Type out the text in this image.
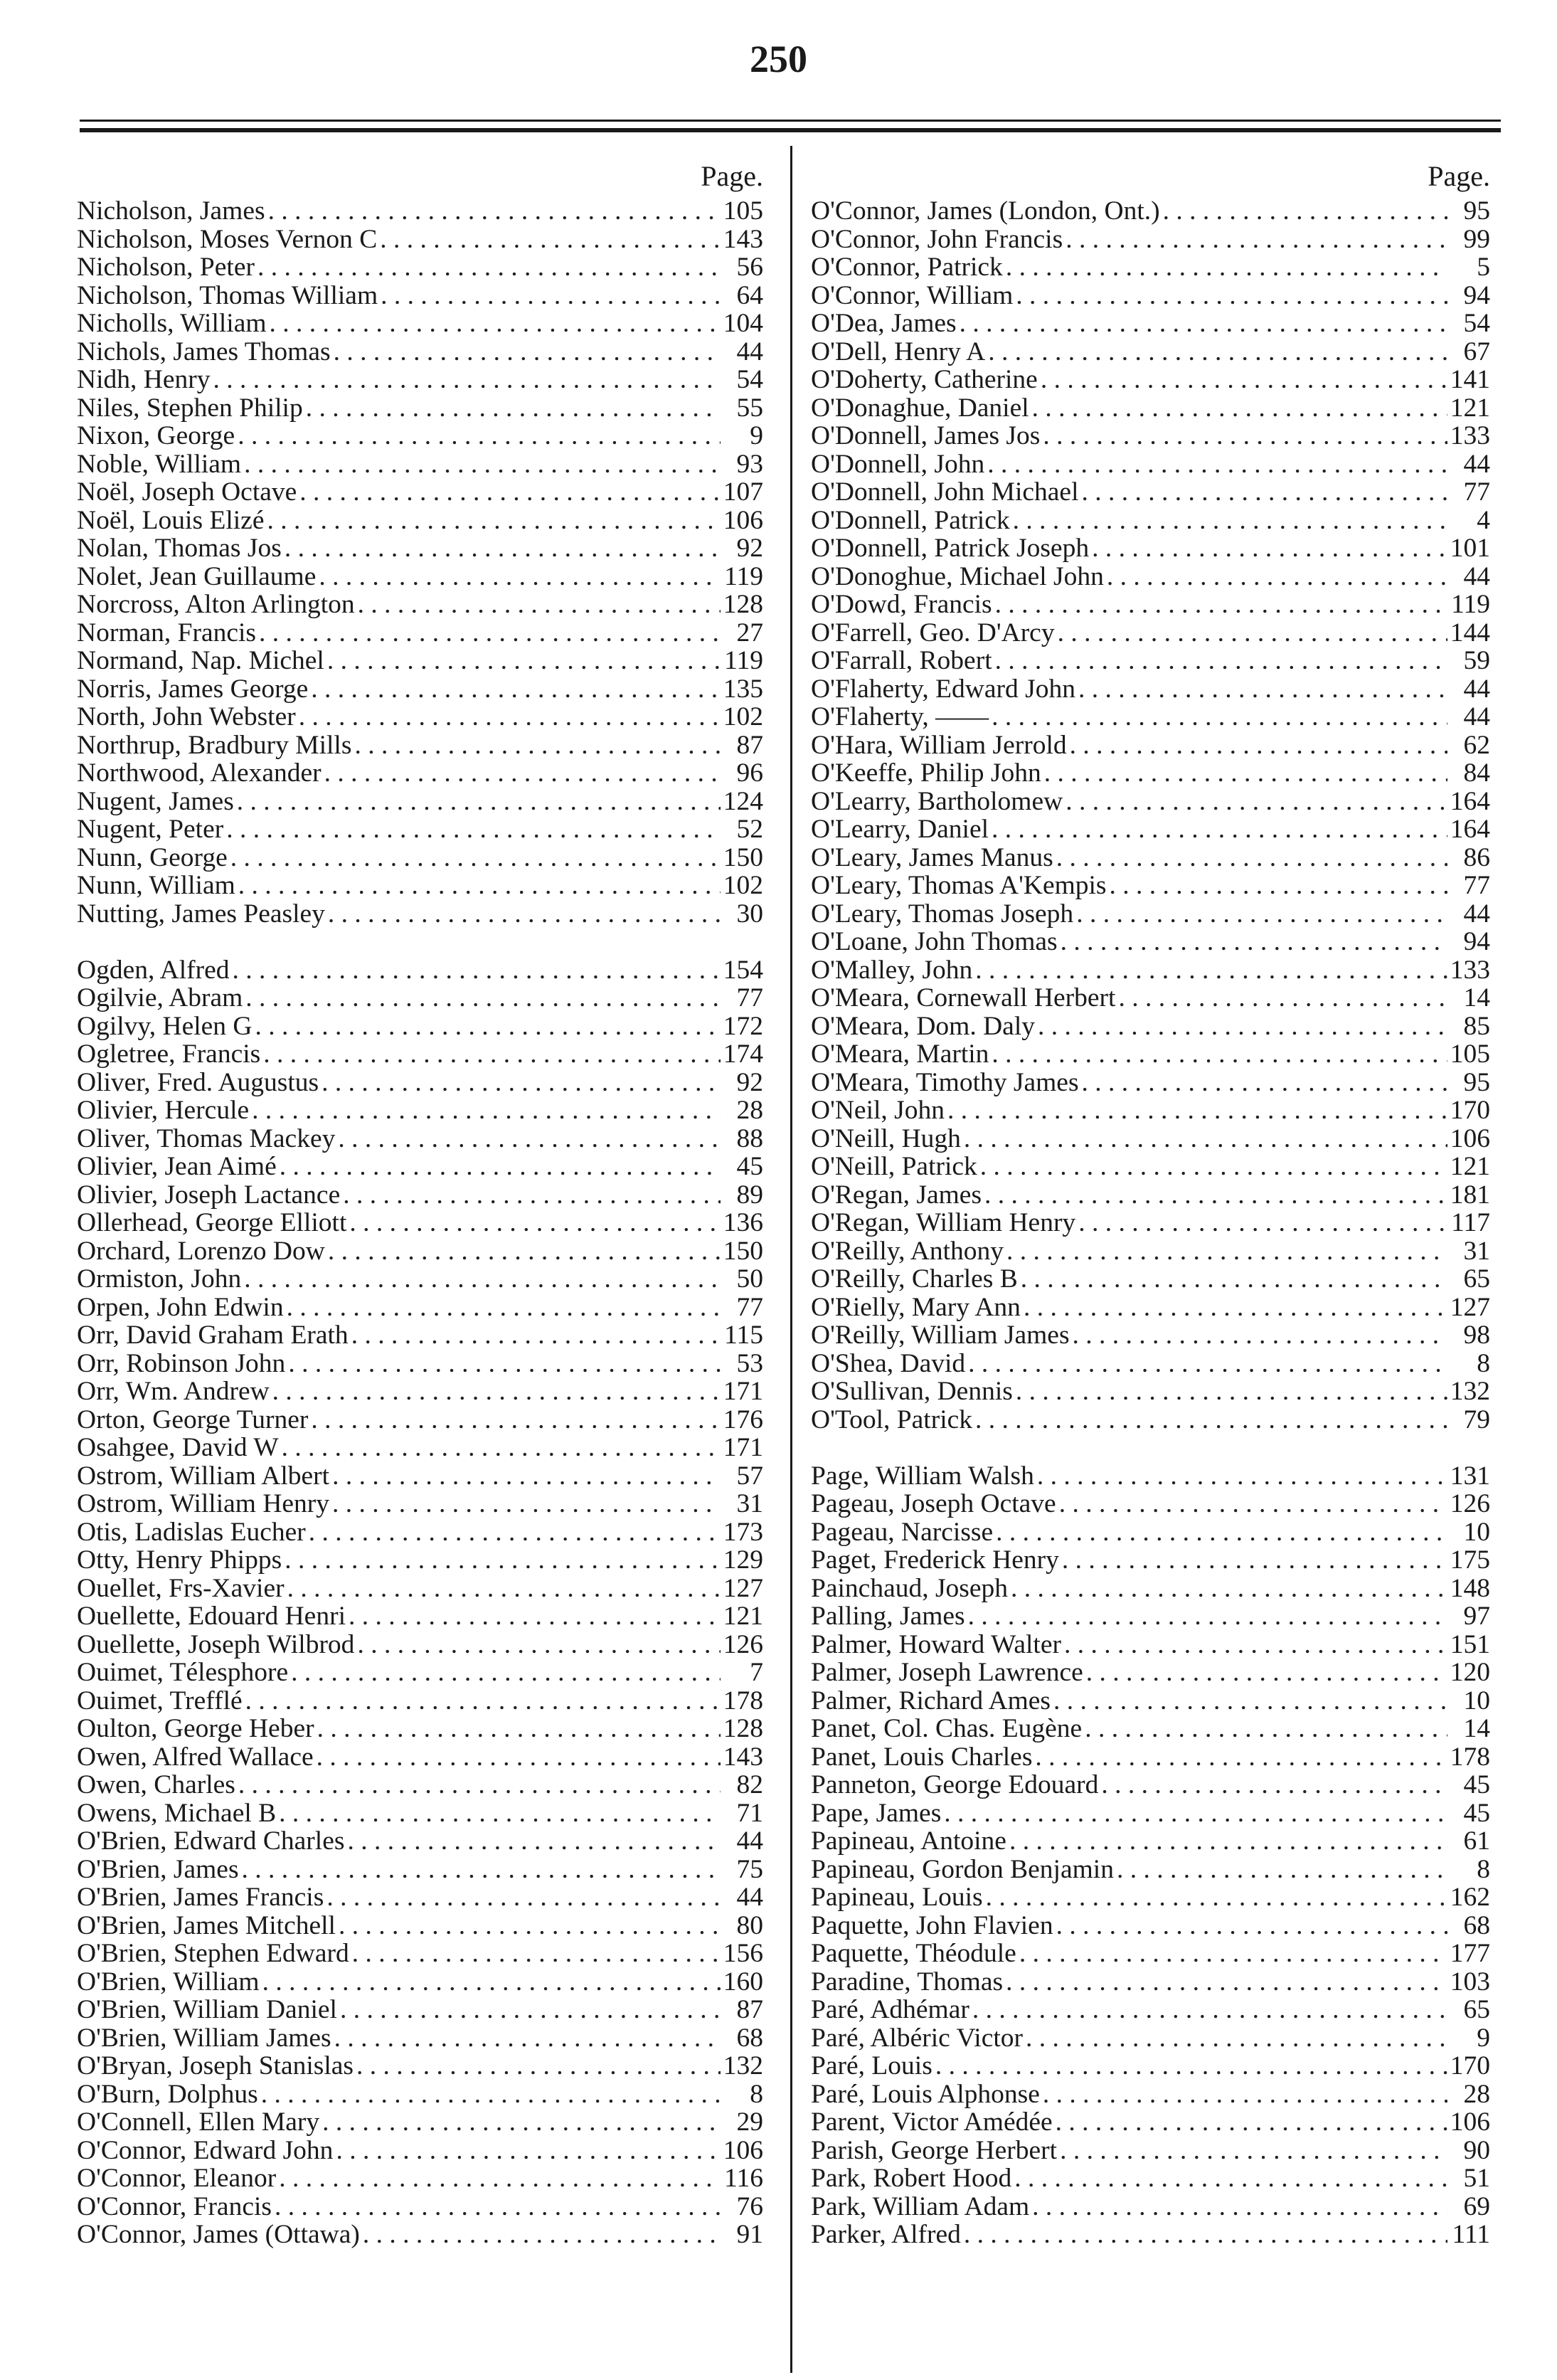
250
Page.
Nicholson, James . . .	105
Nicholson, Moses Vernon C . . .	143
Nicholson, Peter . . .	56
Nicholson, Thomas William . . .	64
Nicholls, William . . .	104
Nichols, James Thomas . . .	44
Nidh, Henry . . .	54
Niles, Stephen Philip . . .	55
Nixon, George . . .	9
Noble, William . . .	93
Noël, Joseph Octave . . .	107
Noël, Louis Elizé . . .	106
Nolan, Thomas Jos . . .	92
Nolet, Jean Guillaume . . .	119
Norcross, Alton Arlington . . .	128
Norman, Francis . . .	27
Normand, Nap. Michel . . .	119
Norris, James George . . .	135
North, John Webster . . .	102
Northrup, Bradbury Mills . . .	87
Northwood, Alexander . . .	96
Nugent, James . . .	124
Nugent, Peter . . .	52
Nunn, George . . .	150
Nunn, William . . .	102
Nutting, James Peasley . . .	30
Ogden, Alfred . . .	154
Ogilvie, Abram . . .	77
Ogilvy, Helen G . . .	172
Ogletree, Francis . . .	174
Oliver, Fred. Augustus . . .	92
Olivier, Hercule . . .	28
Oliver, Thomas Mackey . . .	88
Olivier, Jean Aimé . . .	45
Olivier, Joseph Lactance . . .	89
Ollerhead, George Elliott . . .	136
Orchard, Lorenzo Dow . . .	150
Ormiston, John . . .	50
Orpen, John Edwin . . .	77
Orr, David Graham Erath . . .	115
Orr, Robinson John . . .	53
Orr, Wm. Andrew . . .	171
Orton, George Turner . . .	176
Osahgee, David W . . .	171
Ostrom, William Albert . . .	57
Ostrom, William Henry . . .	31
Otis, Ladislas Eucher . . .	173
Otty, Henry Phipps . . .	129
Ouellet, Frs-Xavier . . .	127
Ouellette, Edouard Henri . . .	121
Ouellette, Joseph Wilbrod . . .	126
Ouimet, Télesphore . . .	7
Ouimet, Trefflé . . .	178
Oulton, George Heber . . .	128
Owen, Alfred Wallace . . .	143
Owen, Charles . . .	82
Owens, Michael B . . .	71
O'Brien, Edward Charles . . .	44
O'Brien, James . . .	75
O'Brien, James Francis . . .	44
O'Brien, James Mitchell . . .	80
O'Brien, Stephen Edward . . .	156
O'Brien, William . . .	160
O'Brien, William Daniel . . .	87
O'Brien, William James . . .	68
O'Bryan, Joseph Stanislas . . .	132
O'Burn, Dolphus . . .	8
O'Connell, Ellen Mary . . .	29
O'Connor, Edward John . . .	106
O'Connor, Eleanor . . .	116
O'Connor, Francis . . .	76
O'Connor, James (Ottawa) . . .	91
Page.
O'Connor, James (London, Ont.) . . .	95
O'Connor, John Francis . . .	99
O'Connor, Patrick . . .	5
O'Connor, William . . .	94
O'Dea, James . . .	54
O'Dell, Henry A . . .	67
O'Doherty, Catherine . . .	141
O'Donaghue, Daniel . . .	121
O'Donnell, James Jos . . .	133
O'Donnell, John . . .	44
O'Donnell, John Michael . . .	77
O'Donnell, Patrick . . .	4
O'Donnell, Patrick Joseph . . .	101
O'Donoghue, Michael John . . .	44
O'Dowd, Francis . . .	119
O'Farrell, Geo. D'Arcy . . .	144
O'Farrall, Robert . . .	59
O'Flaherty, Edward John . . .	44
O'Flaherty, —— . . .	44
O'Hara, William Jerrold . . .	62
O'Keeffe, Philip John . . .	84
O'Learry, Bartholomew . . .	164
O'Learry, Daniel . . .	164
O'Leary, James Manus . . .	86
O'Leary, Thomas A'Kempis . . .	77
O'Leary, Thomas Joseph . . .	44
O'Loane, John Thomas . . .	94
O'Malley, John . . .	133
O'Meara, Cornewall Herbert . . .	14
O'Meara, Dom. Daly . . .	85
O'Meara, Martin . . .	105
O'Meara, Timothy James . . .	95
O'Neil, John . . .	170
O'Neill, Hugh . . .	106
O'Neill, Patrick . . .	121
O'Regan, James . . .	181
O'Regan, William Henry . . .	117
O'Reilly, Anthony . . .	31
O'Reilly, Charles B . . .	65
O'Rielly, Mary Ann . . .	127
O'Reilly, William James . . .	98
O'Shea, David . . .	8
O'Sullivan, Dennis . . .	132
O'Tool, Patrick . . .	79
Page, William Walsh . . .	131
Pageau, Joseph Octave . . .	126
Pageau, Narcisse . . .	10
Paget, Frederick Henry . . .	175
Painchaud, Joseph . . .	148
Palling, James . . .	97
Palmer, Howard Walter . . .	151
Palmer, Joseph Lawrence . . .	120
Palmer, Richard Ames . . .	10
Panet, Col. Chas. Eugène . . .	14
Panet, Louis Charles . . .	178
Panneton, George Edouard . . .	45
Pape, James . . .	45
Papineau, Antoine . . .	61
Papineau, Gordon Benjamin . . .	8
Papineau, Louis . . .	162
Paquette, John Flavien . . .	68
Paquette, Théodule . . .	177
Paradine, Thomas . . .	103
Paré, Adhémar . . .	65
Paré, Albéric Victor . . .	9
Paré, Louis . . .	170
Paré, Louis Alphonse . . .	28
Parent, Victor Amédée . . .	106
Parish, George Herbert . . .	90
Park, Robert Hood . . .	51
Park, William Adam . . .	69
Parker, Alfred . . .	111
